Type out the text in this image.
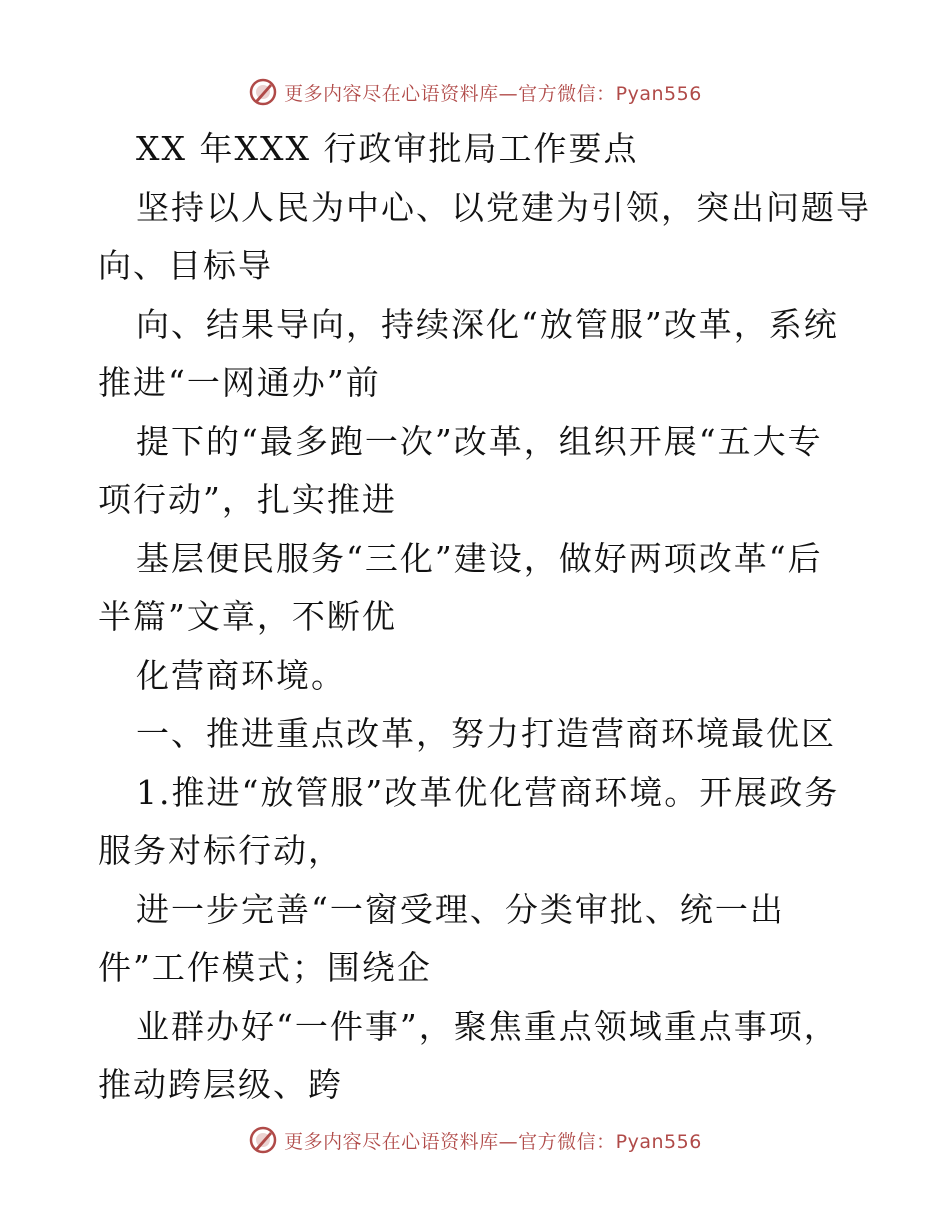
更多内容尽在心语资料库—官方微信：Pyan556
XX 年XXX 行政审批局工作要点
坚持以人民为中心、以党建为引领，突出问题导
向、目标导
向、结果导向，持续深化“放管服”改革，系统
推进“一网通办”前
提下的“最多跑一次”改革，组织开展“五大专
项行动”，扎实推进
基层便民服务“三化”建设，做好两项改革“后
半篇”文章，不断优
化营商环境。
一、推进重点改革，努力打造营商环境最优区
1.推进“放管服”改革优化营商环境。开展政务
服务对标行动，
进一步完善“一窗受理、分类审批、统一出
件”工作模式；围绕企
业群办好“一件事”，聚焦重点领域重点事项，
推动跨层级、跨
更多内容尽在心语资料库—官方微信：Pyan556
